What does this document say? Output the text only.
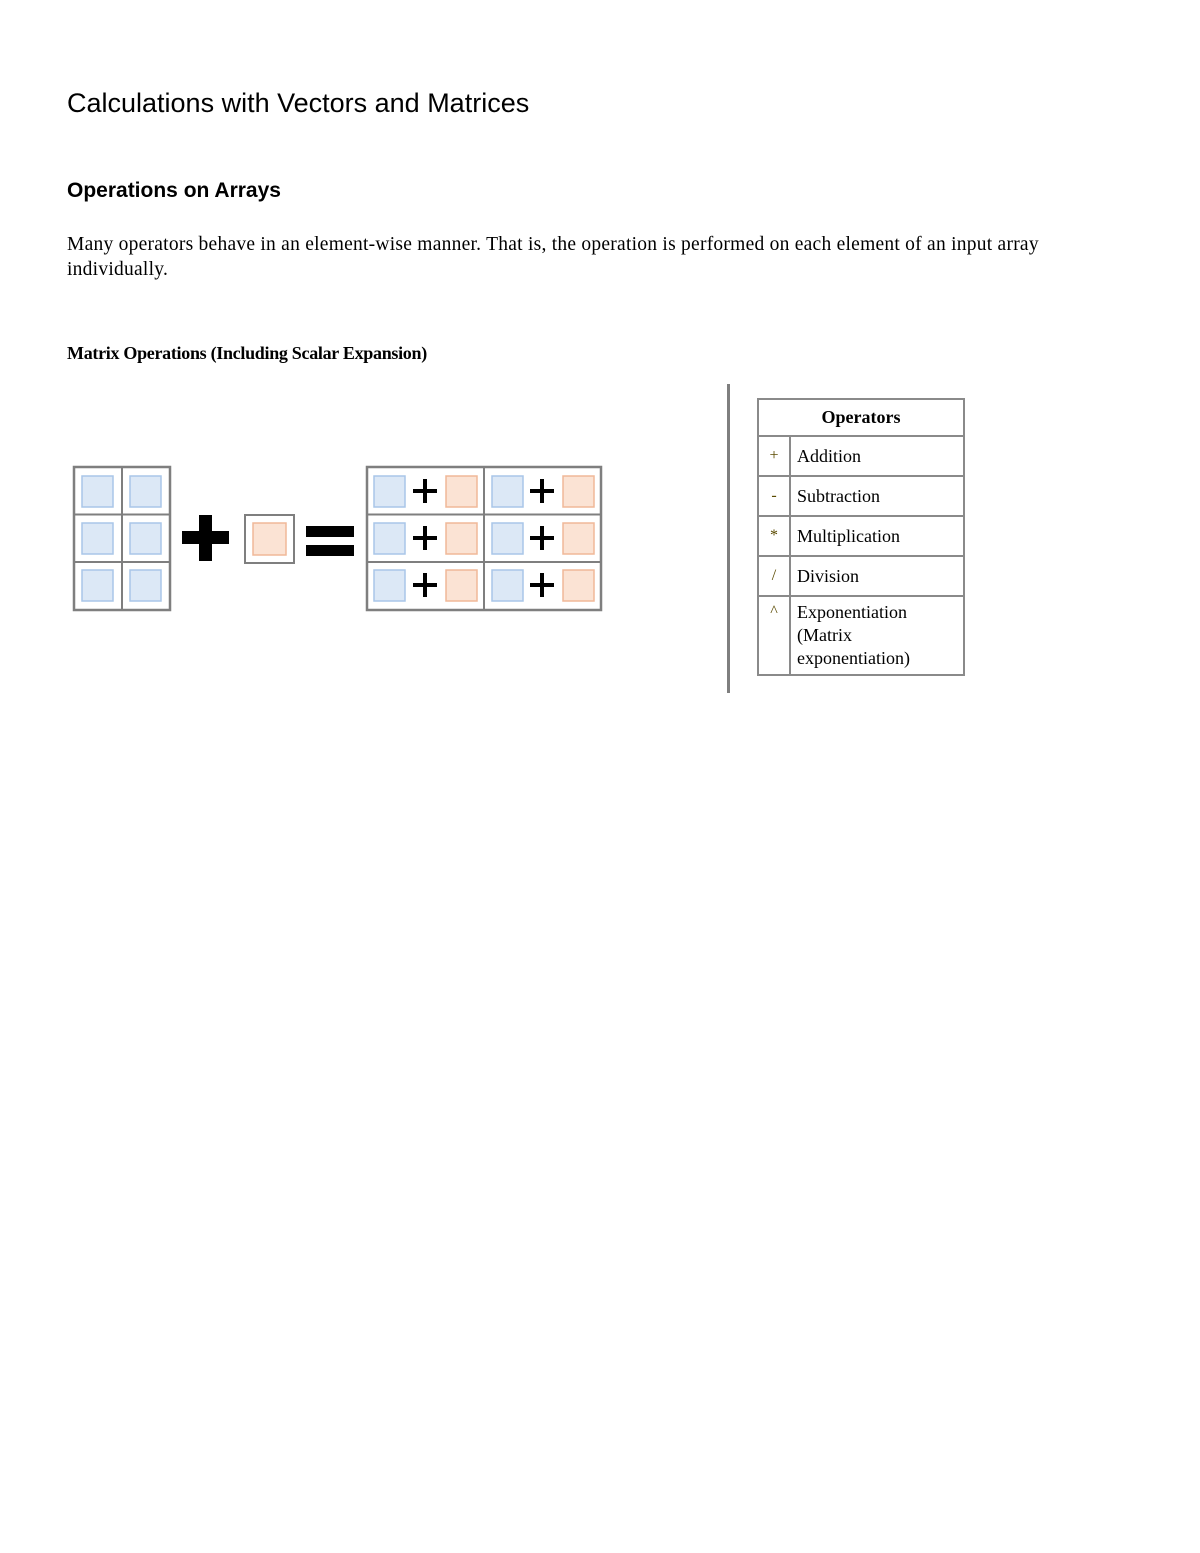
Calculations with Vectors and Matrices
Operations on Arrays

Many operators behave in an element-wise manner. That is, the operation is performed on each element of an input array individually.

Matrix Operations (Including Scalar Expansion)
Operators	
+	Addition
-	Subtraction
*	Multiplication
/	Division
^	Exponentiation (Matrix exponentiation)
